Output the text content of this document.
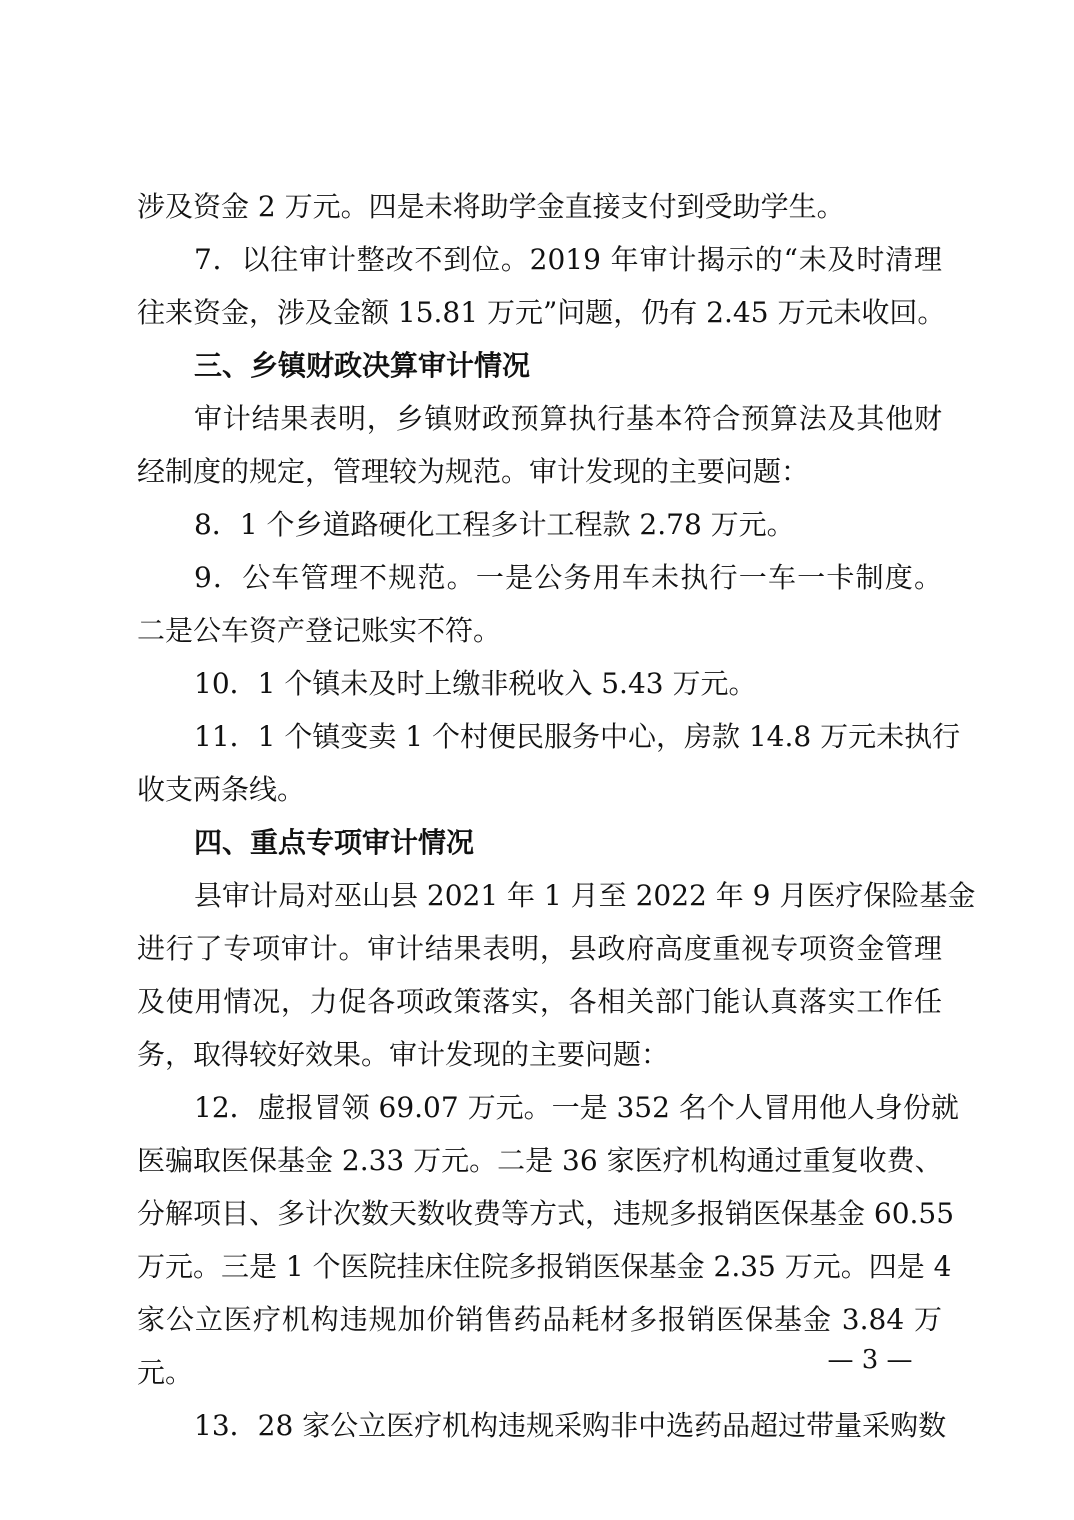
涉及资金 2 万元。四是未将助学金直接支付到受助学生。
7．以往审计整改不到位。2019 年审计揭示的“未及时清理
往来资金，涉及金额 15.81 万元”问题，仍有 2.45 万元未收回。
三、乡镇财政决算审计情况
审计结果表明，乡镇财政预算执行基本符合预算法及其他财
经制度的规定，管理较为规范。审计发现的主要问题：
8．1 个乡道路硬化工程多计工程款 2.78 万元。
9．公车管理不规范。一是公务用车未执行一车一卡制度。
二是公车资产登记账实不符。
10．1 个镇未及时上缴非税收入 5.43 万元。
11．1 个镇变卖 1 个村便民服务中心，房款 14.8 万元未执行
收支两条线。
四、重点专项审计情况
县审计局对巫山县 2021 年 1 月至 2022 年 9 月医疗保险基金
进行了专项审计。审计结果表明，县政府高度重视专项资金管理
及使用情况，力促各项政策落实，各相关部门能认真落实工作任
务，取得较好效果。审计发现的主要问题：
12．虚报冒领 69.07 万元。一是 352 名个人冒用他人身份就
医骗取医保基金 2.33 万元。二是 36 家医疗机构通过重复收费、
分解项目、多计次数天数收费等方式，违规多报销医保基金 60.55
万元。三是 1 个医院挂床住院多报销医保基金 2.35 万元。四是 4
家公立医疗机构违规加价销售药品耗材多报销医保基金 3.84 万
元。
13．28 家公立医疗机构违规采购非中选药品超过带量采购数
— 3 —
